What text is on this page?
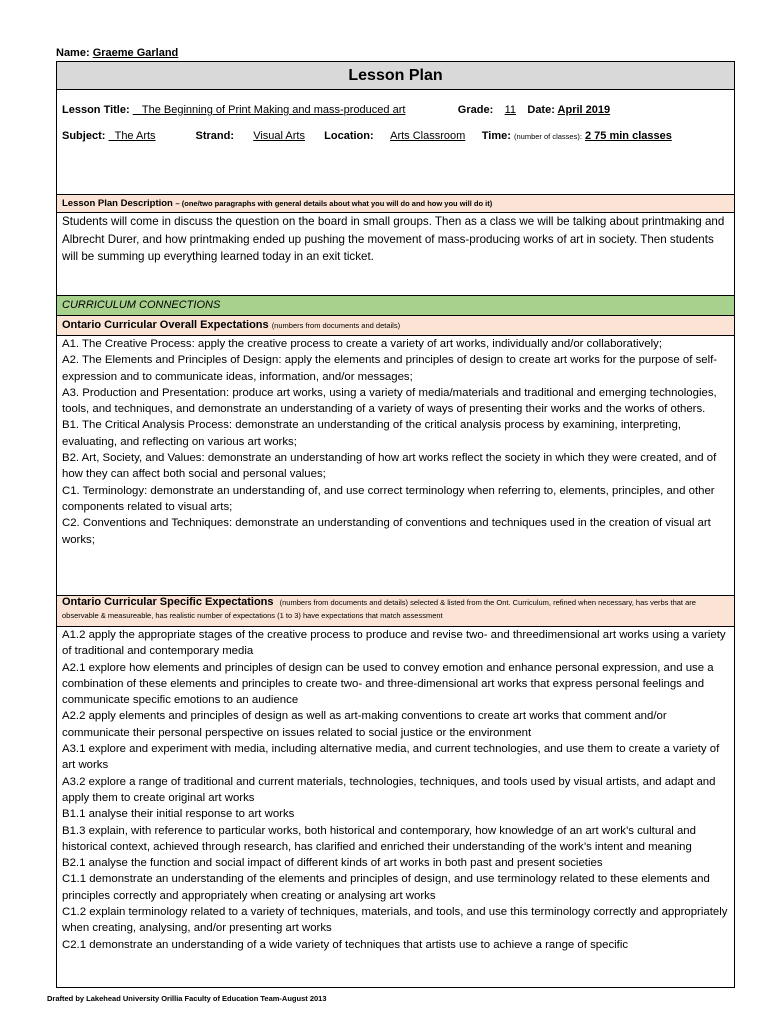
Name: Graeme Garland
Lesson Plan

Lesson Title: The Beginning of Print Making and mass-produced art	Grade: 11 Date: April 2019
Subject: The Arts	Strand: Visual Arts Location: Arts Classroom Time: (number of classes): 2 75 min classes

Lesson Plan Description – (one/two paragraphs with general details about what you will do and how you will do it)
Students will come in discuss the question on the board in small groups. Then as a class we will be talking about printmaking and Albrecht Durer, and how printmaking ended up pushing the movement of mass-producing works of art in society. Then students will be summing up everything learned today in an exit ticket.
CURRICULUM CONNECTIONS
Ontario Curricular Overall Expectations (numbers from documents and details)

A1. The Creative Process: apply the creative process to create a variety of art works, individually and/or collaboratively;
A2. The Elements and Principles of Design: apply the elements and principles of design to create art works for the purpose of self-expression and to communicate ideas, information, and/or messages;
A3. Production and Presentation: produce art works, using a variety of media/materials and traditional and emerging technologies, tools, and techniques, and demonstrate an understanding of a variety of ways of presenting their works and the works of others.
B1. The Critical Analysis Process: demonstrate an understanding of the critical analysis process by examining, interpreting, evaluating, and reflecting on various art works;
B2. Art, Society, and Values: demonstrate an understanding of how art works reflect the society in which they were created, and of how they can affect both social and personal values;
C1. Terminology: demonstrate an understanding of, and use correct terminology when referring to, elements, principles, and other components related to visual arts;
C2. Conventions and Techniques: demonstrate an understanding of conventions and techniques used in the creation of visual art works;

Ontario Curricular Specific Expectations (numbers from documents and details) selected & listed from the Ont. Curriculum, refined when necessary, has verbs that are observable & measureable, has realistic number of expectations (1 to 3) have expectations that match assessment

A1.2 apply the appropriate stages of the creative process to produce and revise two- and threedimensional art works using a variety of traditional and contemporary media
A2.1 explore how elements and principles of design can be used to convey emotion and enhance personal expression, and use a combination of these elements and principles to create two- and three-dimensional art works that express personal feelings and communicate specific emotions to an audience
A2.2 apply elements and principles of design as well as art-making conventions to create art works that comment and/or communicate their personal perspective on issues related to social justice or the environment
A3.1 explore and experiment with media, including alternative media, and current technologies, and use them to create a variety of art works
A3.2 explore a range of traditional and current materials, technologies, techniques, and tools used by visual artists, and adapt and apply them to create original art works
B1.1 analyse their initial response to art works
B1.3 explain, with reference to particular works, both historical and contemporary, how knowledge of an art work’s cultural and historical context, achieved through research, has clarified and enriched their understanding of the work’s intent and meaning
B2.1 analyse the function and social impact of different kinds of art works in both past and present societies
C1.1 demonstrate an understanding of the elements and principles of design, and use terminology related to these elements and principles correctly and appropriately when creating or analysing art works
C1.2 explain terminology related to a variety of techniques, materials, and tools, and use this terminology correctly and appropriately when creating, analysing, and/or presenting art works
C2.1 demonstrate an understanding of a wide variety of techniques that artists use to achieve a range of specific
Drafted by Lakehead University Orillia Faculty of Education Team-August 2013
